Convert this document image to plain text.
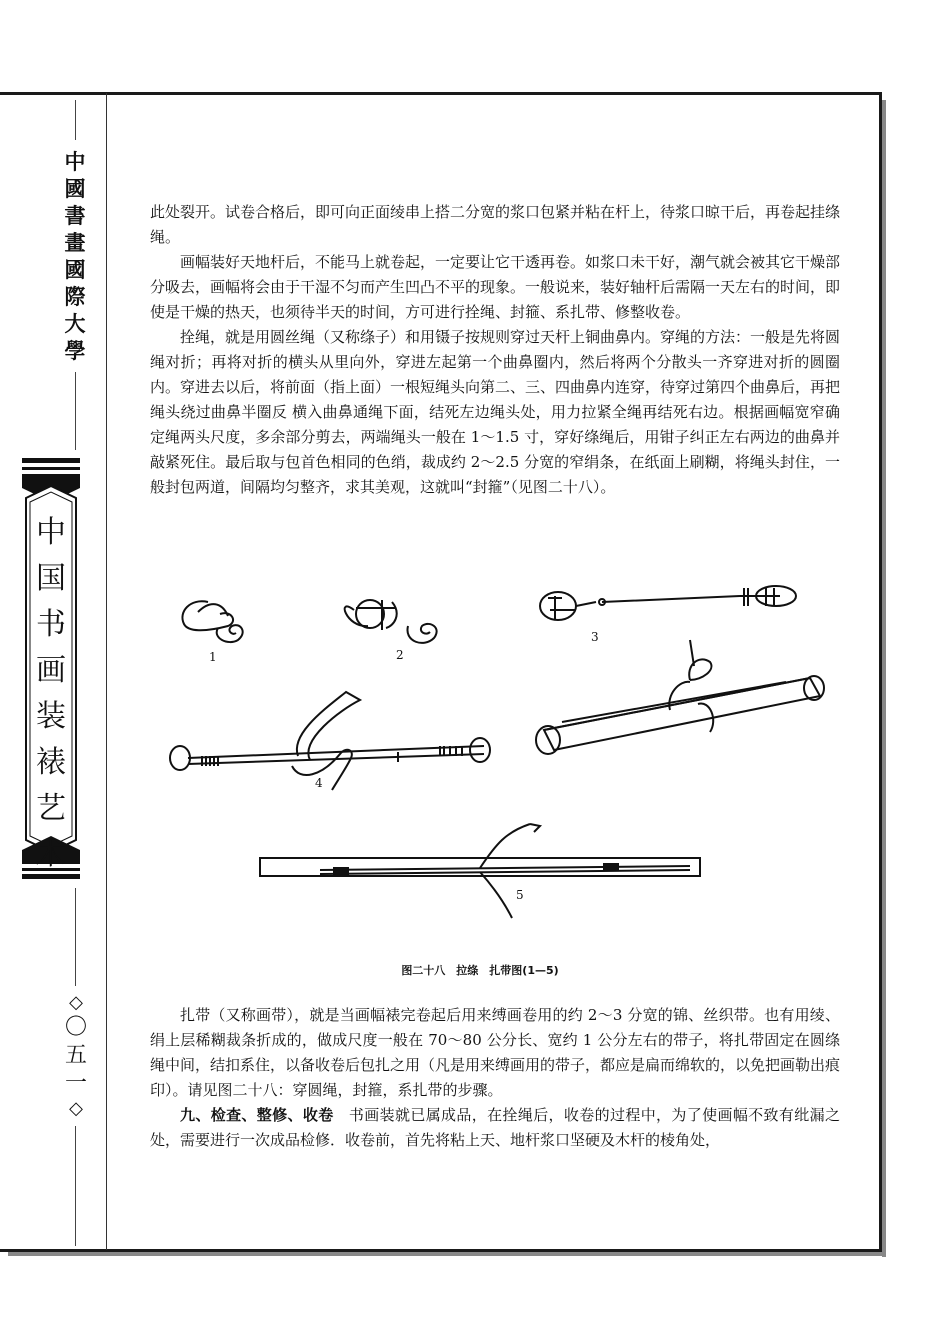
中
國
書
畫
國
際
大
學
中
国
书
画
装
裱
艺
术
◇
〇
五
一
◇

此处裂开。试卷合格后，即可向正面绫串上搭二分宽的浆口包紧并粘在杆上，待浆口晾干后，再卷起挂绦绳。

画幅装好天地杆后，不能马上就卷起，一定要让它干透再卷。如浆口未干好，潮气就会被其它干燥部分吸去，画幅将会由于干湿不匀而产生凹凸不平的现象。一般说来，装好轴杆后需隔一天左右的时间，即使是干燥的热天，也须待半天的时间，方可进行拴绳、封箍、系扎带、修整收卷。

拴绳，就是用圆丝绳（又称绦子）和用镊子按规则穿过天杆上铜曲鼻内。穿绳的方法：一般是先将圆绳对折；再将对折的横头从里向外，穿进左起第一个曲鼻圈内，然后将两个分散头一齐穿进对折的圆圈内。穿进去以后，将前面（指上面）一根短绳头向第二、三、四曲鼻内连穿，待穿过第四个曲鼻后，再把绳头绕过曲鼻半圈反 横入曲鼻通绳下面，结死左边绳头处，用力拉紧全绳再结死右边。根据画幅宽窄确定绳两头尺度，多余部分剪去，两端绳头一般在 1～1.5 寸，穿好绦绳后，用钳子纠正左右两边的曲鼻并敲紧死住。最后取与包首色相同的色绡，裁成约 2～2.5 分宽的窄绢条，在纸面上刷糊，将绳头封住，一般封包两道，间隔均匀整齐，求其美观，这就叫“封箍”（见图二十八）。

1	2
3
4
5
图二十八　拉绦　扎带图(1—5)

扎带（又称画带），就是当画幅裱完卷起后用来缚画卷用的约 2～3 分宽的锦、丝织带。也有用绫、绢上层稀糊裁条折成的，做成尺度一般在 70～80 公分长、宽约 1 公分左右的带子，将扎带固定在圆绦绳中间，结扣系住，以备收卷后包扎之用（凡是用来缚画用的带子，都应是扁而绵软的，以免把画勒出痕印）。请见图二十八：穿圆绳，封箍，系扎带的步骤。

九、检查、整修、收卷　 书画装就已属成品，在拴绳后，收卷的过程中，为了使画幅不致有纰漏之处，需要进行一次成品检修．收卷前，首先将粘上天、地杆浆口坚硬及木杆的棱角处，
